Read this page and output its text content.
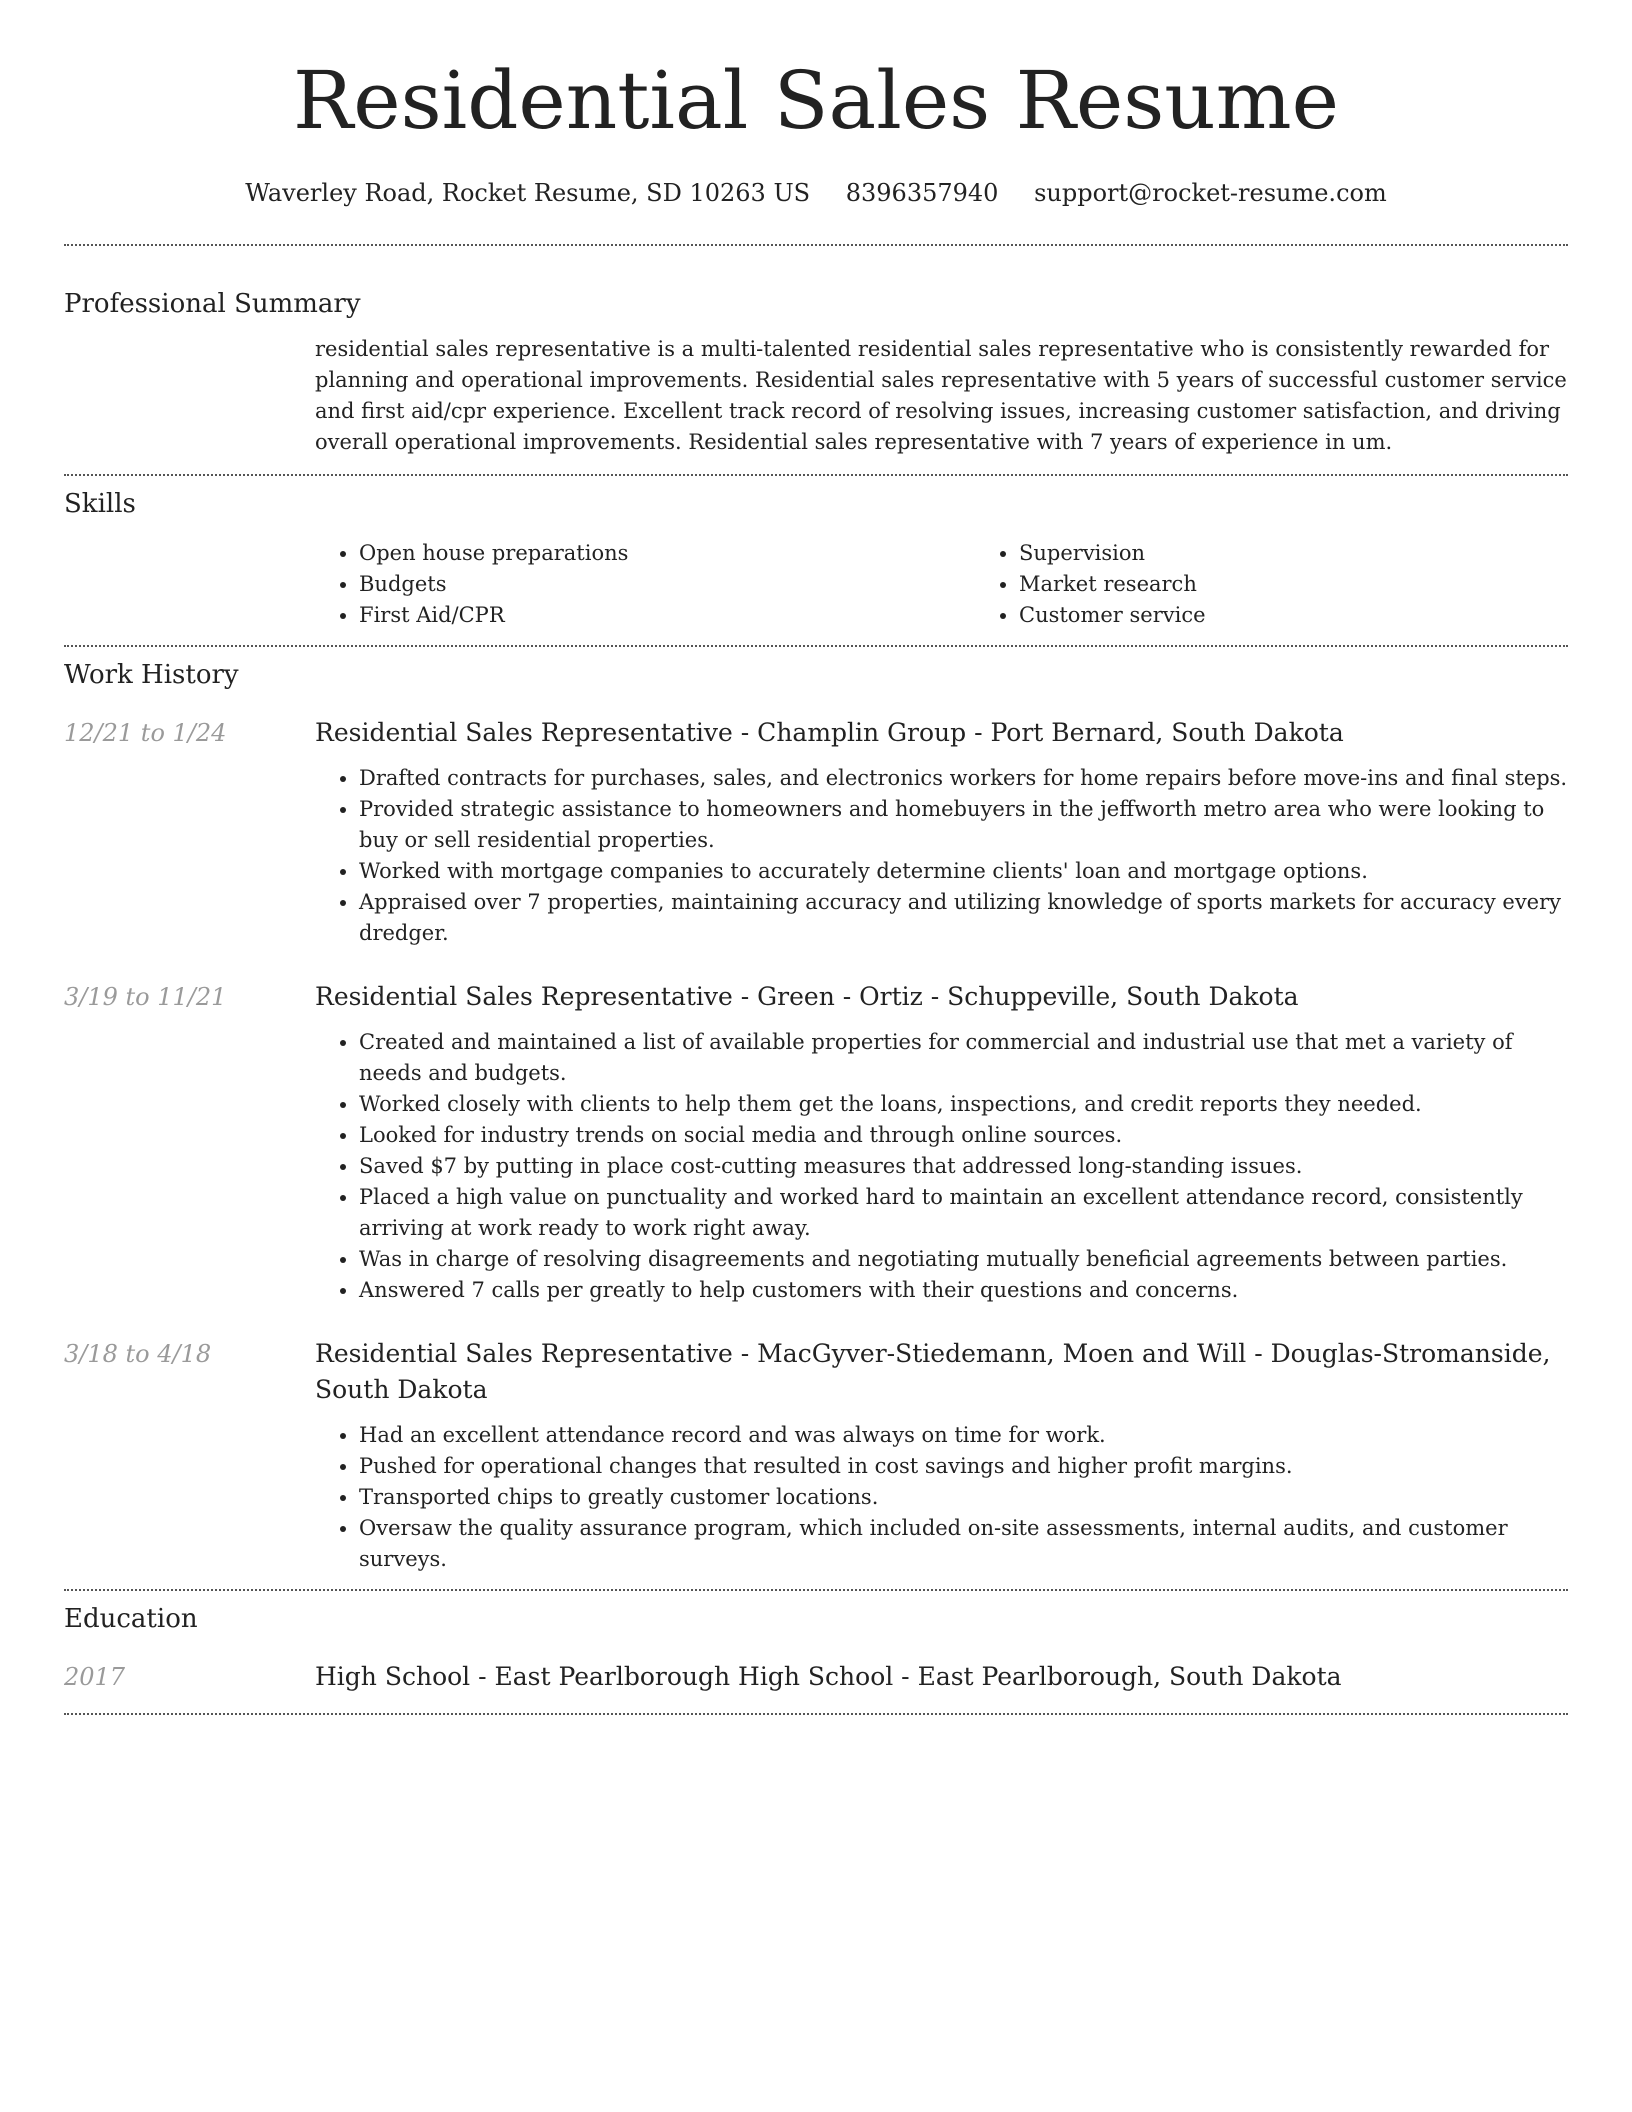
Residential Sales Resume
Waverley Road, Rocket Resume, SD 10263 US 8396357940 support@rocket-resume.com
Professional Summary

residential sales representative is a multi-talented residential sales representative who is consistently rewarded for planning and operational improvements. Residential sales representative with 5 years of successful customer service and first aid/cpr experience. Excellent track record of resolving issues, increasing customer satisfaction, and driving overall operational improvements. Residential sales representative with 7 years of experience in um.

Skills
• Open house preparations
• Budgets
• First Aid/CPR
• Supervision
• Market research
• Customer service
Work History
12/21 to 1/24	Residential Sales Representative - Champlin Group - Port Bernard, South Dakota

• Drafted contracts for purchases, sales, and electronics workers for home repairs before move-ins and final steps.
• Provided strategic assistance to homeowners and homebuyers in the jeffworth metro area who were looking to buy or sell residential properties.
• Worked with mortgage companies to accurately determine clients' loan and mortgage options.
• Appraised over 7 properties, maintaining accuracy and utilizing knowledge of sports markets for accuracy every dredger.
3/19 to 11/21	Residential Sales Representative - Green - Ortiz - Schuppeville, South Dakota

• Created and maintained a list of available properties for commercial and industrial use that met a variety of needs and budgets.
• Worked closely with clients to help them get the loans, inspections, and credit reports they needed.
• Looked for industry trends on social media and through online sources.
• Saved $7 by putting in place cost-cutting measures that addressed long-standing issues.
• Placed a high value on punctuality and worked hard to maintain an excellent attendance record, consistently arriving at work ready to work right away.
• Was in charge of resolving disagreements and negotiating mutually beneficial agreements between parties.
• Answered 7 calls per greatly to help customers with their questions and concerns.
3/18 to 4/18	Residential Sales Representative - MacGyver-Stiedemann, Moen and Will - Douglas-Stromanside, South Dakota

• Had an excellent attendance record and was always on time for work.
• Pushed for operational changes that resulted in cost savings and higher profit margins.
• Transported chips to greatly customer locations.
• Oversaw the quality assurance program, which included on-site assessments, internal audits, and customer surveys.
Education
2017	High School - East Pearlborough High School - East Pearlborough, South Dakota
